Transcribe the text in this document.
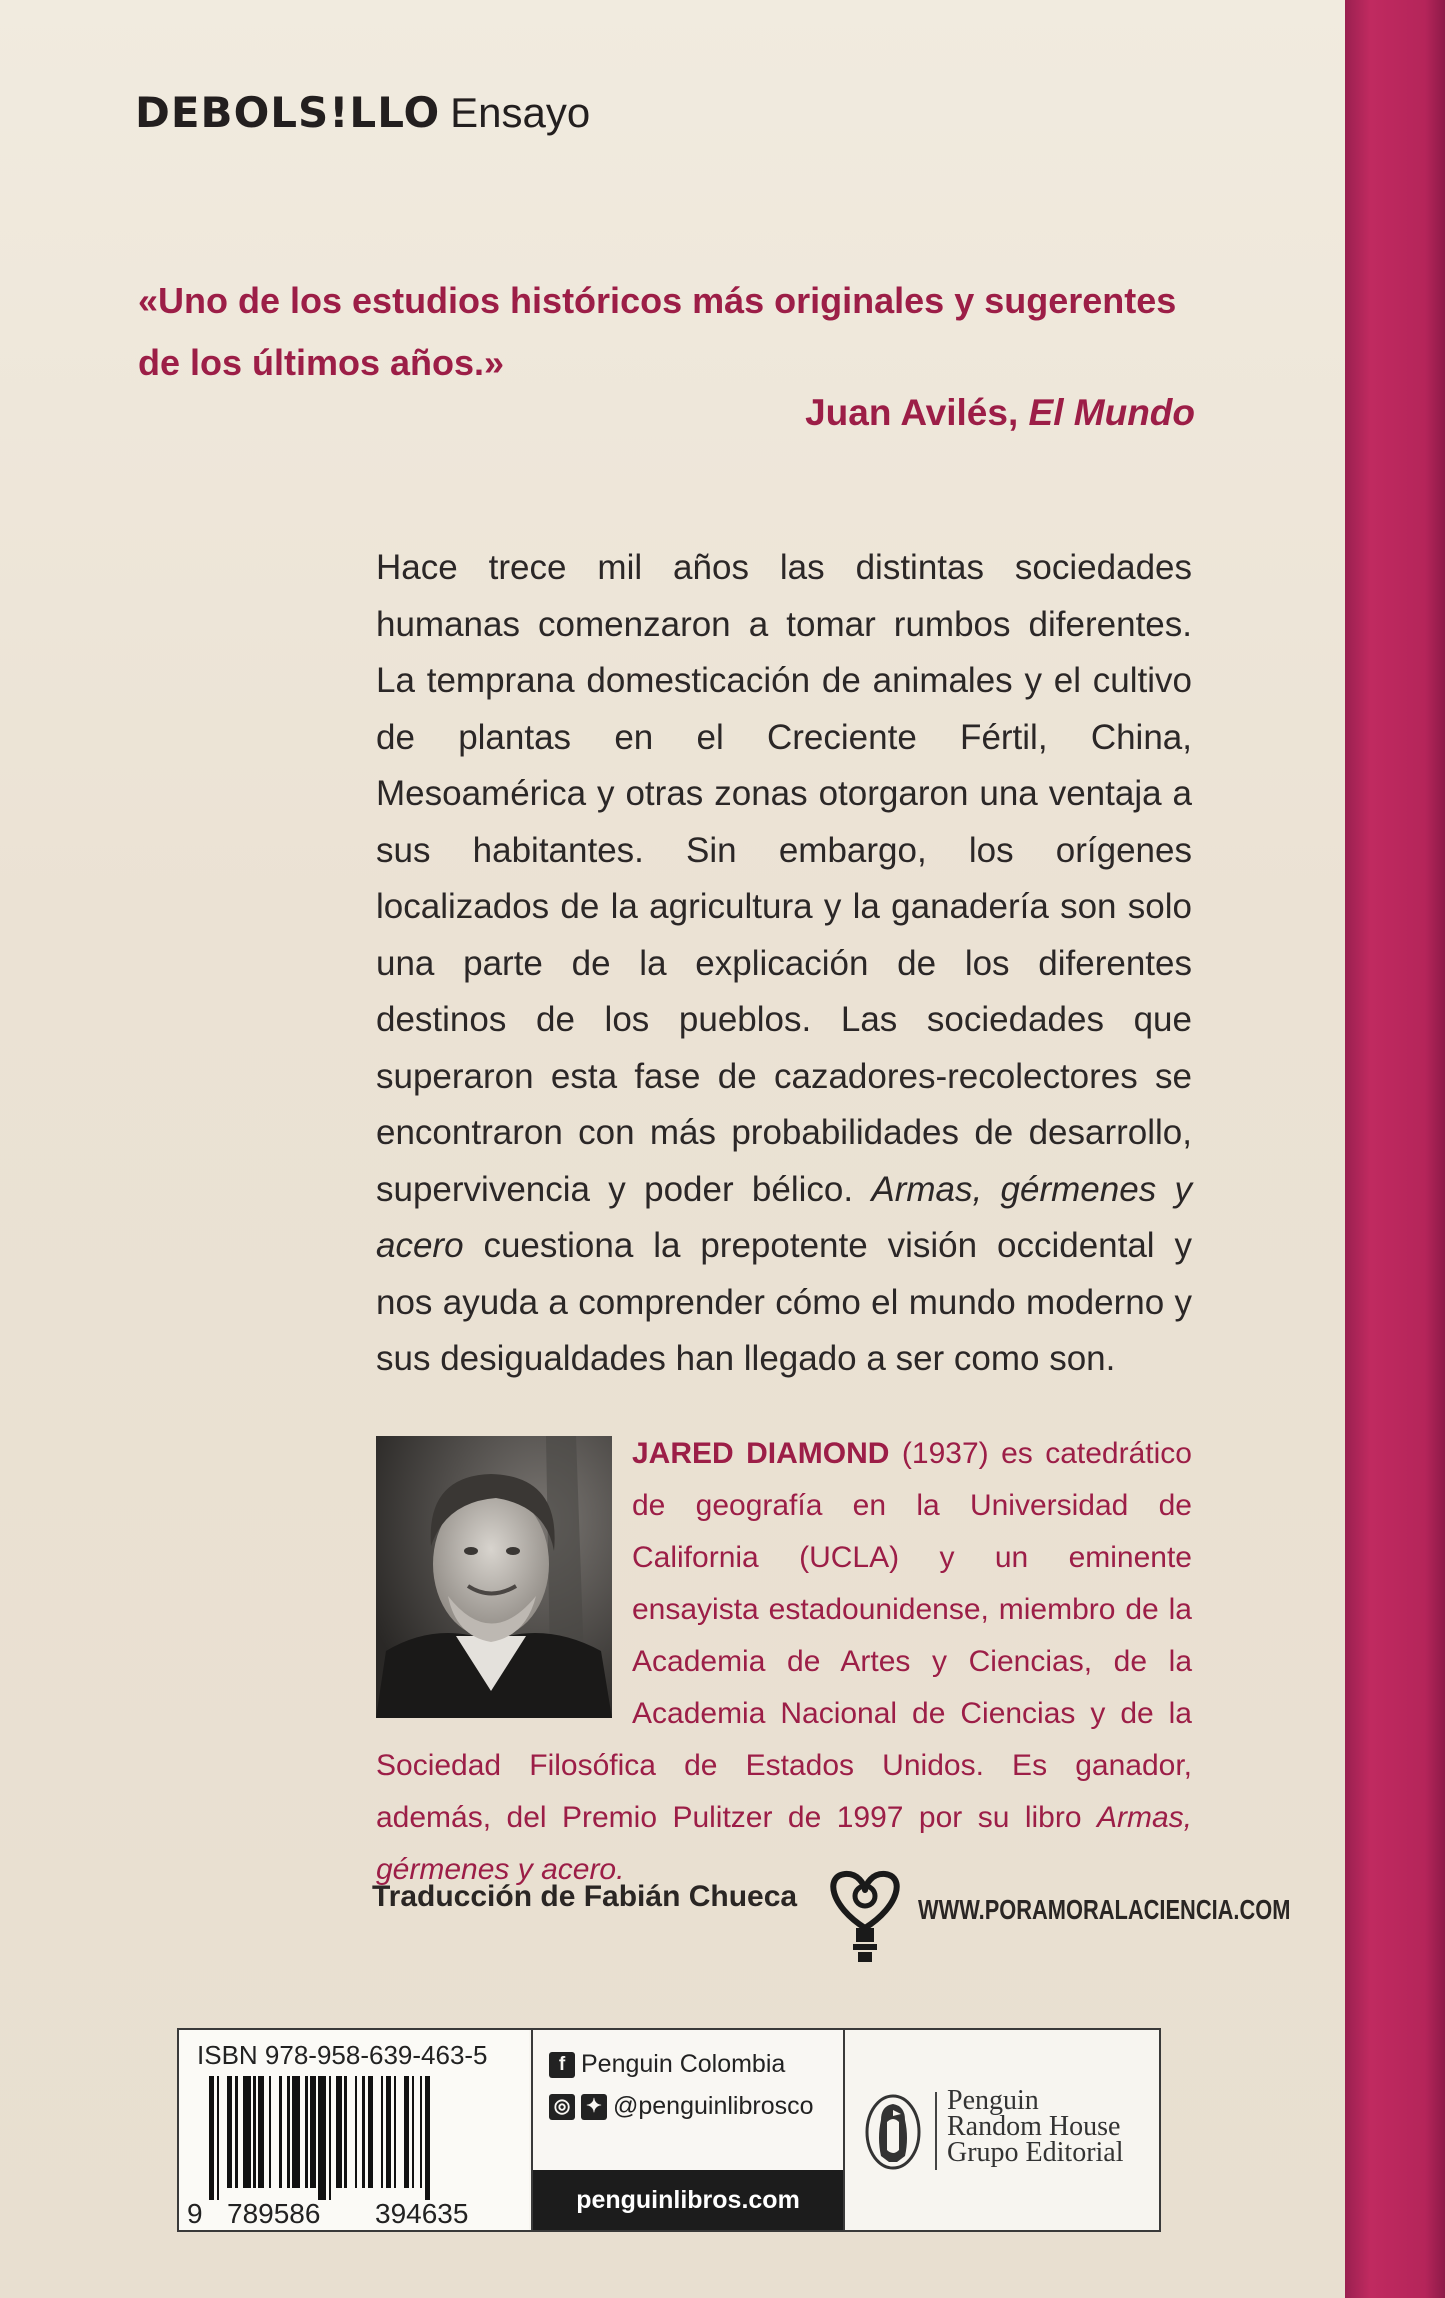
DEBOLS!LLO Ensayo

«Uno de los estudios históricos más originales y sugerentes de los últimos años.»

Juan Avilés, El Mundo

Hace trece mil años las distintas sociedades humanas comenzaron a tomar rumbos diferentes. La temprana domesticación de animales y el cultivo de plantas en el Creciente Fértil, China, Mesoamérica y otras zonas otorgaron una ventaja a sus habitantes. Sin embargo, los orígenes localizados de la agricultura y la ganadería son solo una parte de la explicación de los diferentes destinos de los pueblos. Las sociedades que superaron esta fase de cazadores-recolectores se encontraron con más probabilidades de desarrollo, supervivencia y poder bélico. Armas, gérmenes y acero cuestiona la prepotente visión occidental y nos ayuda a comprender cómo el mundo moderno y sus desigualdades han llegado a ser como son.

JARED DIAMOND (1937) es catedrático de geografía en la Universidad de California (UCLA) y un eminente ensayista estadounidense, miembro de la Academia de Artes y Ciencias, de la Academia Nacional de Ciencias y de la Sociedad Filosófica de Estados Unidos. Es ganador, además, del Premio Pulitzer de 1997 por su libro Armas, gérmenes y acero.

Traducción de Fabián Chueca	WWW.PORAMORALACIENCIA.COM
ISBN 978-958-639-463-5
9 789586 394635
f Penguin Colombia
◎ ✦ @penguinlibrosco
penguinlibros.com
Penguin
Random House
Grupo Editorial
